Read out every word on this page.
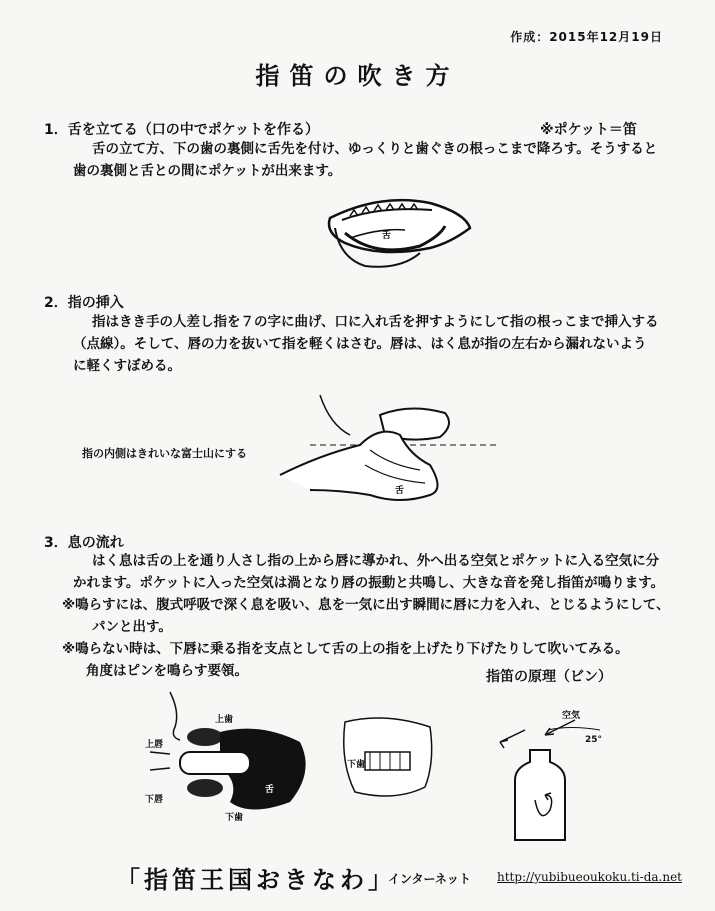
作成：2015年12月19日
指笛の吹き方
1．舌を立てる（口の中でポケットを作る）	※ポケット＝笛
舌の立て方、下の歯の裏側に舌先を付け、ゆっくりと歯ぐきの根っこまで降ろす。そうすると
歯の裏側と舌との間にポケットが出来ます。
舌
2．指の挿入
指はきき手の人差し指を７の字に曲げ、口に入れ舌を押すようにして指の根っこまで挿入する
（点線）。そして、唇の力を抜いて指を軽くはさむ。唇は、はく息が指の左右から漏れないよう
に軽くすぼめる。
指の内側はきれいな富士山にする
舌
3．息の流れ
はく息は舌の上を通り人さし指の上から唇に導かれ、外へ出る空気とポケットに入る空気に分
かれます。ポケットに入った空気は渦となり唇の振動と共鳴し、大きな音を発し指笛が鳴ります。
※鳴らすには、腹式呼吸で深く息を吸い、息を一気に出す瞬間に唇に力を入れ、とじるようにして、
パンと出す。
※鳴らない時は、下唇に乗る指を支点として舌の上の指を上げたり下げたりして吹いてみる。
角度はピンを鳴らす要領。	指笛の原理（ビン）
上歯
上唇
下唇
下歯
舌
下歯
空気
25°
「指笛王国おきなわ」
インターネット http://yubibueoukoku.ti-da.net
